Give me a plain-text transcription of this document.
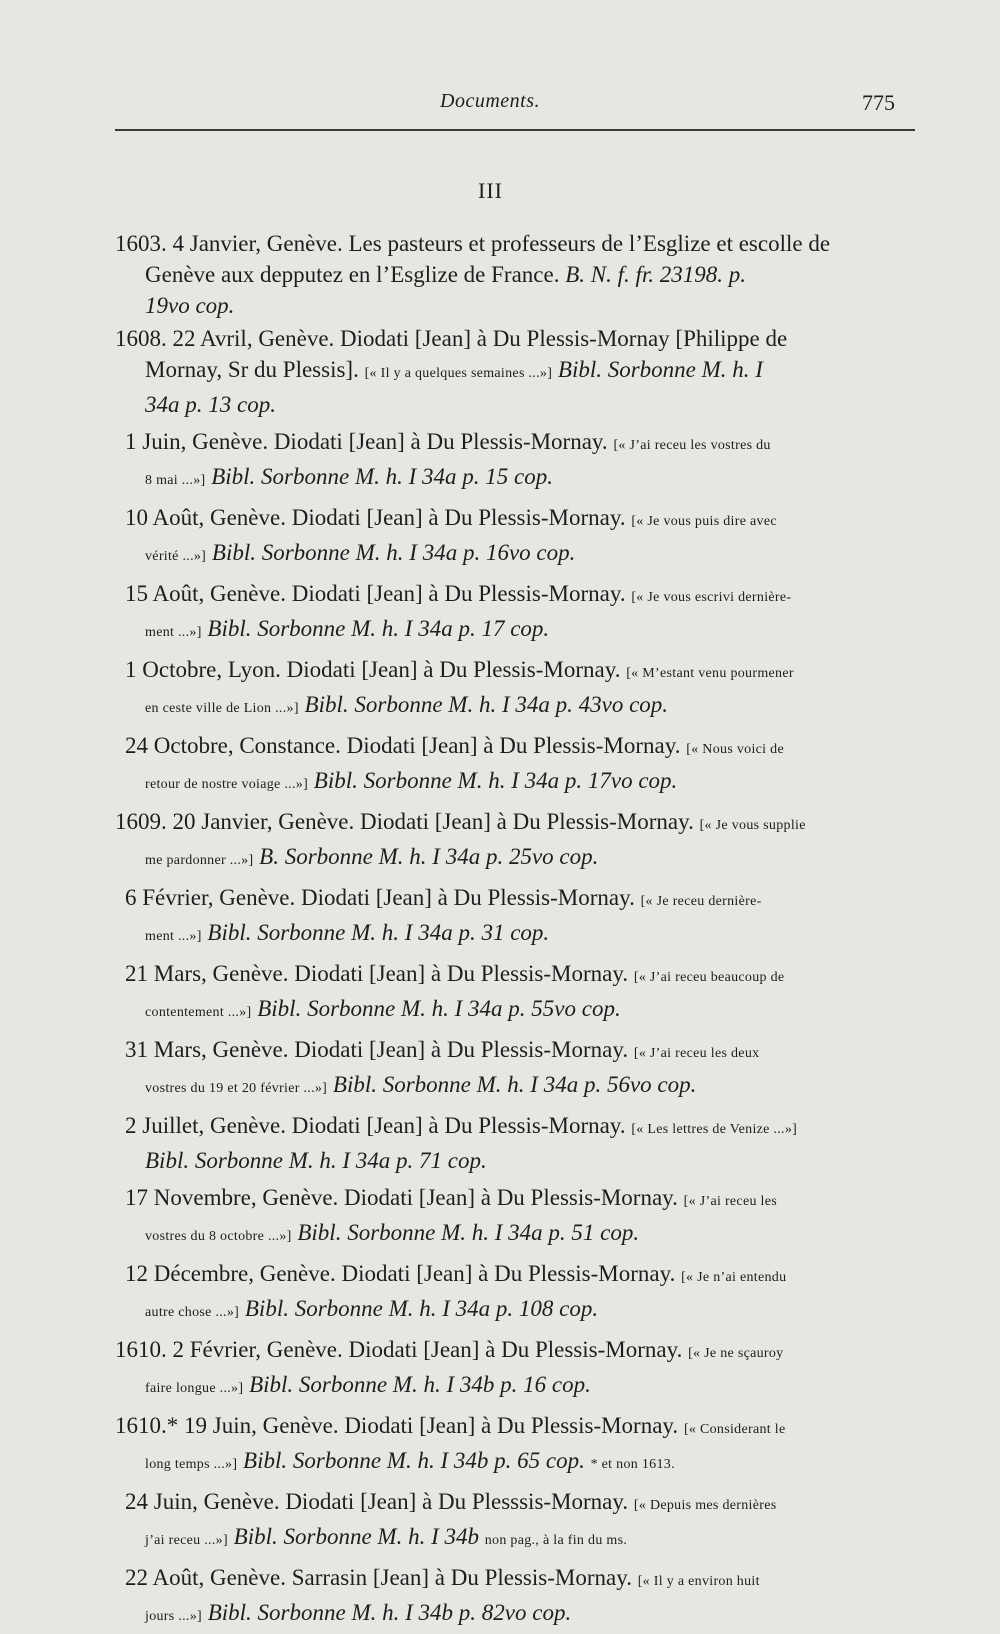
Documents.	775
III
1603. 4 Janvier, Genève. Les pasteurs et professeurs de l’Esglize et escolle de
Genève aux depputez en l’Esglize de France. B. N. f. fr. 23198. p.
19vo cop.
1608. 22 Avril, Genève. Diodati [Jean] à Du Plessis-Mornay [Philippe de
Mornay, Sr du Plessis]. [« Il y a quelques semaines ...»] Bibl. Sorbonne M. h. I
34a p. 13 cop.
1 Juin, Genève. Diodati [Jean] à Du Plessis-Mornay. [« J’ai receu les vostres du
8 mai ...»] Bibl. Sorbonne M. h. I 34a p. 15 cop.
10 Août, Genève. Diodati [Jean] à Du Plessis-Mornay. [« Je vous puis dire avec
vérité ...»] Bibl. Sorbonne M. h. I 34a p. 16vo cop.
15 Août, Genève. Diodati [Jean] à Du Plessis-Mornay. [« Je vous escrivi dernière-
ment ...»] Bibl. Sorbonne M. h. I 34a p. 17 cop.
1 Octobre, Lyon. Diodati [Jean] à Du Plessis-Mornay. [« M’estant venu pourmener
en ceste ville de Lion ...»] Bibl. Sorbonne M. h. I 34a p. 43vo cop.
24 Octobre, Constance. Diodati [Jean] à Du Plessis-Mornay. [« Nous voici de
retour de nostre voiage ...»] Bibl. Sorbonne M. h. I 34a p. 17vo cop.
1609. 20 Janvier, Genève. Diodati [Jean] à Du Plessis-Mornay. [« Je vous supplie
me pardonner ...»] B. Sorbonne M. h. I 34a p. 25vo cop.
6 Février, Genève. Diodati [Jean] à Du Plessis-Mornay. [« Je receu dernière-
ment ...»] Bibl. Sorbonne M. h. I 34a p. 31 cop.
21 Mars, Genève. Diodati [Jean] à Du Plessis-Mornay. [« J’ai receu beaucoup de
contentement ...»] Bibl. Sorbonne M. h. I 34a p. 55vo cop.
31 Mars, Genève. Diodati [Jean] à Du Plessis-Mornay. [« J’ai receu les deux
vostres du 19 et 20 février ...»] Bibl. Sorbonne M. h. I 34a p. 56vo cop.
2 Juillet, Genève. Diodati [Jean] à Du Plessis-Mornay. [« Les lettres de Venize ...»]
Bibl. Sorbonne M. h. I 34a p. 71 cop.
17 Novembre, Genève. Diodati [Jean] à Du Plessis-Mornay. [« J’ai receu les
vostres du 8 octobre ...»] Bibl. Sorbonne M. h. I 34a p. 51 cop.
12 Décembre, Genève. Diodati [Jean] à Du Plessis-Mornay. [« Je n’ai entendu
autre chose ...»] Bibl. Sorbonne M. h. I 34a p. 108 cop.
1610. 2 Février, Genève. Diodati [Jean] à Du Plessis-Mornay. [« Je ne sçauroy
faire longue ...»] Bibl. Sorbonne M. h. I 34b p. 16 cop.
1610.* 19 Juin, Genève. Diodati [Jean] à Du Plessis-Mornay. [« Considerant le
long temps ...»] Bibl. Sorbonne M. h. I 34b p. 65 cop. * et non 1613.
24 Juin, Genève. Diodati [Jean] à Du Plesssis-Mornay. [« Depuis mes dernières
j’ai receu ...»] Bibl. Sorbonne M. h. I 34b non pag., à la fin du ms.
22 Août, Genève. Sarrasin [Jean] à Du Plessis-Mornay. [« Il y a environ huit
jours ...»] Bibl. Sorbonne M. h. I 34b p. 82vo cop.
